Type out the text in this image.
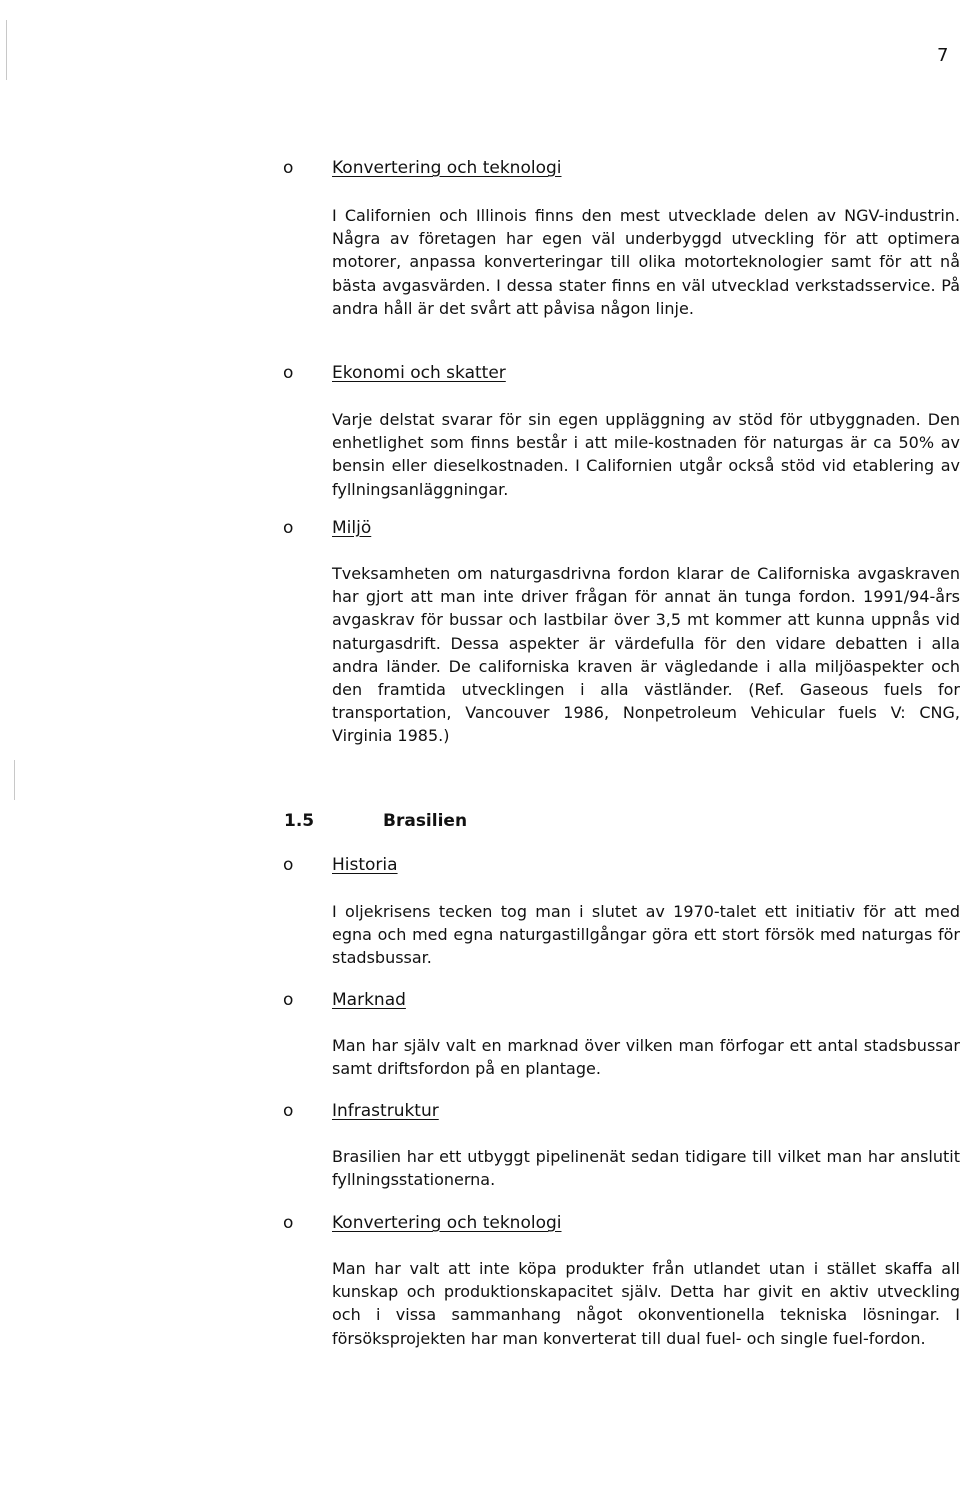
7
o Konvertering och teknologi

I Californien och Illinois finns den mest utvecklade delen av NGV-industrin. Några av företagen har egen väl underbyggd utveckling för att optimera motorer, anpassa konverteringar till olika motorteknologier samt för att nå bästa avgasvärden. I dessa stater finns en väl utvecklad verkstadsservice. På andra håll är det svårt att påvisa någon linje.

o Ekonomi och skatter

Varje delstat svarar för sin egen uppläggning av stöd för utbyggnaden. Den enhetlighet som finns består i att mile-kostnaden för naturgas är ca 50% av bensin eller dieselkostnaden. I Californien utgår också stöd vid etablering av fyllningsanläggningar.

o Miljö

Tveksamheten om naturgasdrivna fordon klarar de Californiska avgaskraven har gjort att man inte driver frågan för annat än tunga fordon. 1991/94-års avgaskrav för bussar och lastbilar över 3,5 mt kommer att kunna uppnås vid naturgasdrift. Dessa aspekter är värdefulla för den vidare debatten i alla andra länder. De californiska kraven är vägledande i alla miljöaspekter och den framtida utvecklingen i alla västländer. (Ref. Gaseous fuels for transportation, Vancouver 1986, Nonpetroleum Vehicular fuels V: CNG, Virginia 1985.)

1.5	Brasilien
o Historia

I oljekrisens tecken tog man i slutet av 1970-talet ett initiativ för att med egna och med egna naturgastillgångar göra ett stort försök med naturgas för stadsbussar.

o Marknad

Man har själv valt en marknad över vilken man förfogar ett antal stadsbussar samt driftsfordon på en plantage.

o Infrastruktur

Brasilien har ett utbyggt pipelinenät sedan tidigare till vilket man har anslutit fyllningsstationerna.

o Konvertering och teknologi

Man har valt att inte köpa produkter från utlandet utan i stället skaffa all kunskap och produktionskapacitet själv. Detta har givit en aktiv utveckling och i vissa sammanhang något okonventionella tekniska lösningar. I försöksprojekten har man konverterat till dual fuel- och single fuel-fordon.
